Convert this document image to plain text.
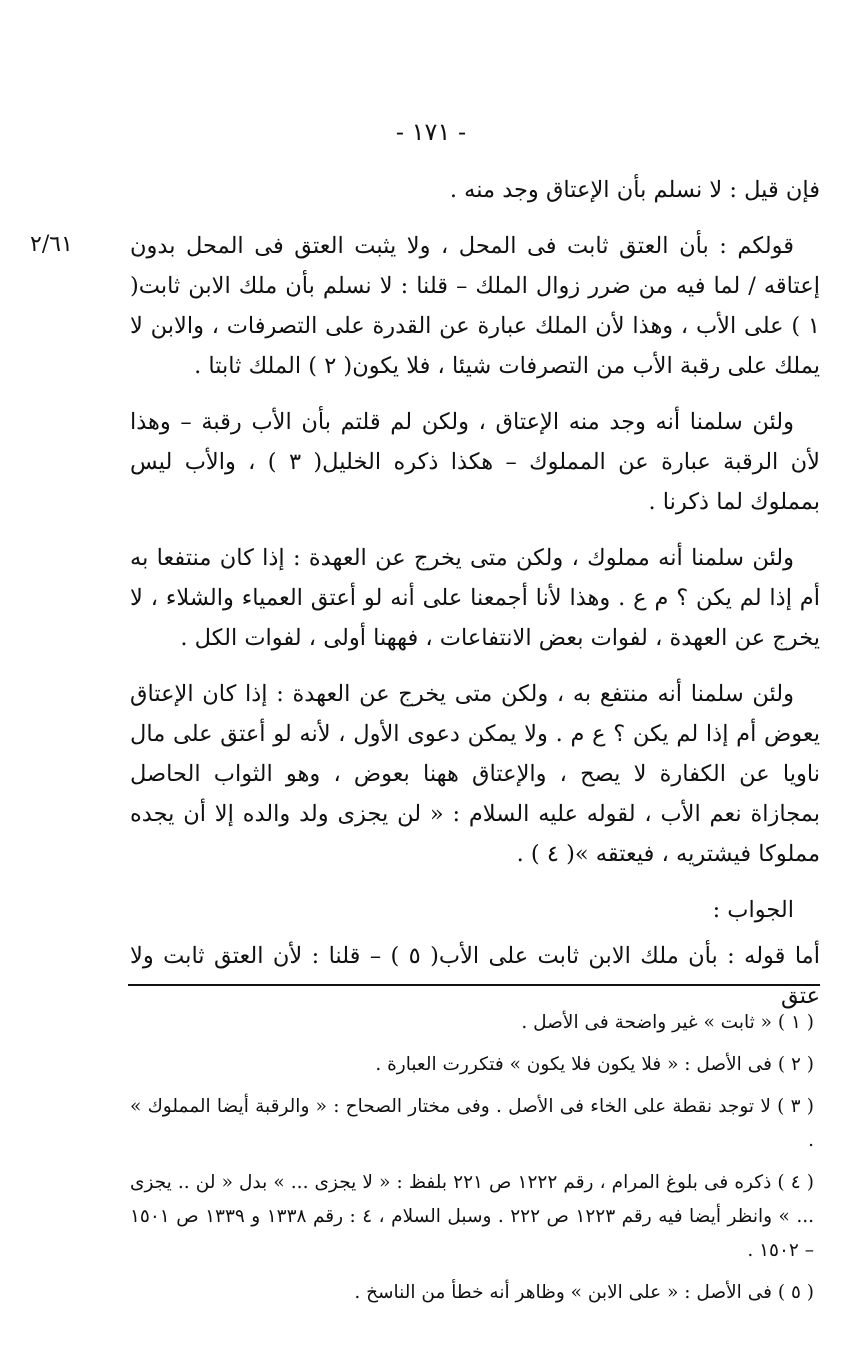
- ١٧١ -
٢/٦١

فإن قيل : لا نسلم بأن الإعتاق وجد منه .

قولكم : بأن العتق ثابت فى المحل ، ولا يثبت العتق فى المحل بدون إعتاقه / لما فيه من ضرر زوال الملك – قلنا : لا نسلم بأن ملك الابن ثابت( ١ ) على الأب ، وهذا لأن الملك عبارة عن القدرة على التصرفات ، والابن لا يملك على رقبة الأب من التصرفات شيئا ، فلا يكون( ٢ ) الملك ثابتا .

ولئن سلمنا أنه وجد منه الإعتاق ، ولكن لم قلتم بأن الأب رقبة – وهذا لأن الرقبة عبارة عن المملوك – هكذا ذكره الخليل( ٣ ) ، والأب ليس بمملوك لما ذكرنا .

ولئن سلمنا أنه مملوك ، ولكن متى يخرج عن العهدة : إذا كان منتفعا به أم إذا لم يكن ؟ م ع . وهذا لأنا أجمعنا على أنه لو أعتق العمياء والشلاء ، لا يخرج عن العهدة ، لفوات بعض الانتفاعات ، فههنا أولى ، لفوات الكل .

ولئن سلمنا أنه منتفع به ، ولكن متى يخرج عن العهدة : إذا كان الإعتاق يعوض أم إذا لم يكن ؟ ع م . ولا يمكن دعوى الأول ، لأنه لو أعتق على مال ناويا عن الكفارة لا يصح ، والإعتاق ههنا بعوض ، وهو الثواب الحاصل بمجازاة نعم الأب ، لقوله عليه السلام : « لن يجزى ولد والده إلا أن يجده مملوكا فيشتريه ، فيعتقه »( ٤ ) .

الجواب :

أما قوله : بأن ملك الابن ثابت على الأب( ٥ ) – قلنا : لأن العتق ثابت ولا عتق

( ١ ) « ثابت » غير واضحة فى الأصل .

( ٢ ) فى الأصل : « فلا يكون فلا يكون » فتكررت العبارة .

( ٣ ) لا توجد نقطة على الخاء فى الأصل . وفى مختار الصحاح : « والرقبة أيضا المملوك » .

( ٤ ) ذكره فى بلوغ المرام ، رقم ١٢٢٢ ص ٢٢١ بلفظ : « لا يجزى ... » بدل « لن .. يجزى ... » وانظر أيضا فيه رقم ١٢٢٣ ص ٢٢٢ . وسبل السلام ، ٤ : رقم ١٣٣٨ و ١٣٣٩ ص ١٥٠١ – ١٥٠٢ .

( ٥ ) فى الأصل : « على الابن » وظاهر أنه خطأ من الناسخ .
